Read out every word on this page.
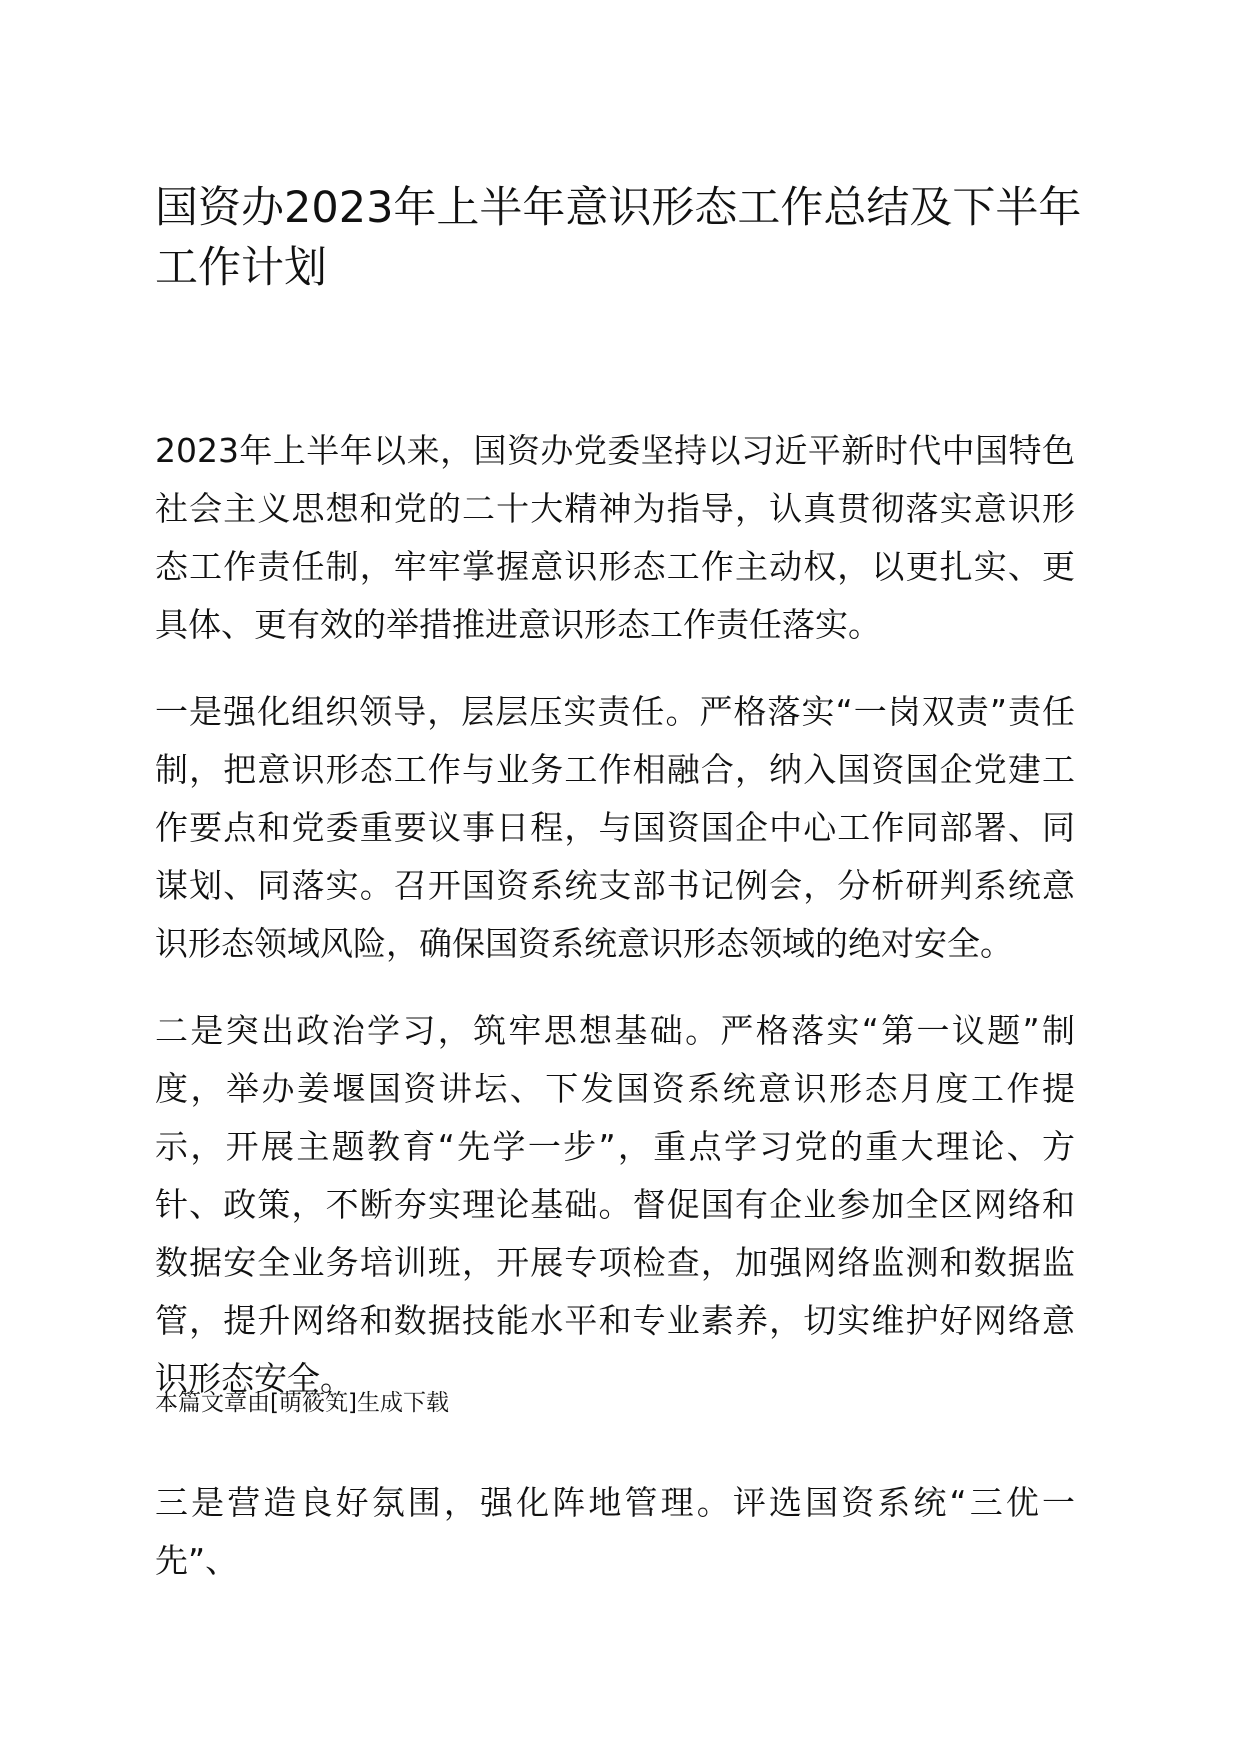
国资办2023年上半年意识形态工作总结及下半年工作计划

2023年上半年以来，国资办党委坚持以习近平新时代中国特色社会主义思想和党的二十大精神为指导，认真贯彻落实意识形态工作责任制，牢牢掌握意识形态工作主动权，以更扎实、更具体、更有效的举措推进意识形态工作责任落实。

一是强化组织领导，层层压实责任。严格落实“一岗双责”责任制，把意识形态工作与业务工作相融合，纳入国资国企党建工作要点和党委重要议事日程，与国资国企中心工作同部署、同谋划、同落实。召开国资系统支部书记例会，分析研判系统意识形态领域风险，确保国资系统意识形态领域的绝对安全。

二是突出政治学习，筑牢思想基础。严格落实“第一议题”制度，举办姜堰国资讲坛、下发国资系统意识形态月度工作提示，开展主题教育“先学一步”，重点学习党的重大理论、方针、政策，不断夯实理论基础。督促国有企业参加全区网络和数据安全业务培训班，开展专项检查，加强网络监测和数据监管，提升网络和数据技能水平和专业素养，切实维护好网络意识形态安全。

本篇文章由[萌筱笂]生成下载

三是营造良好氛围，强化阵地管理。评选国资系统“三优一先”、
